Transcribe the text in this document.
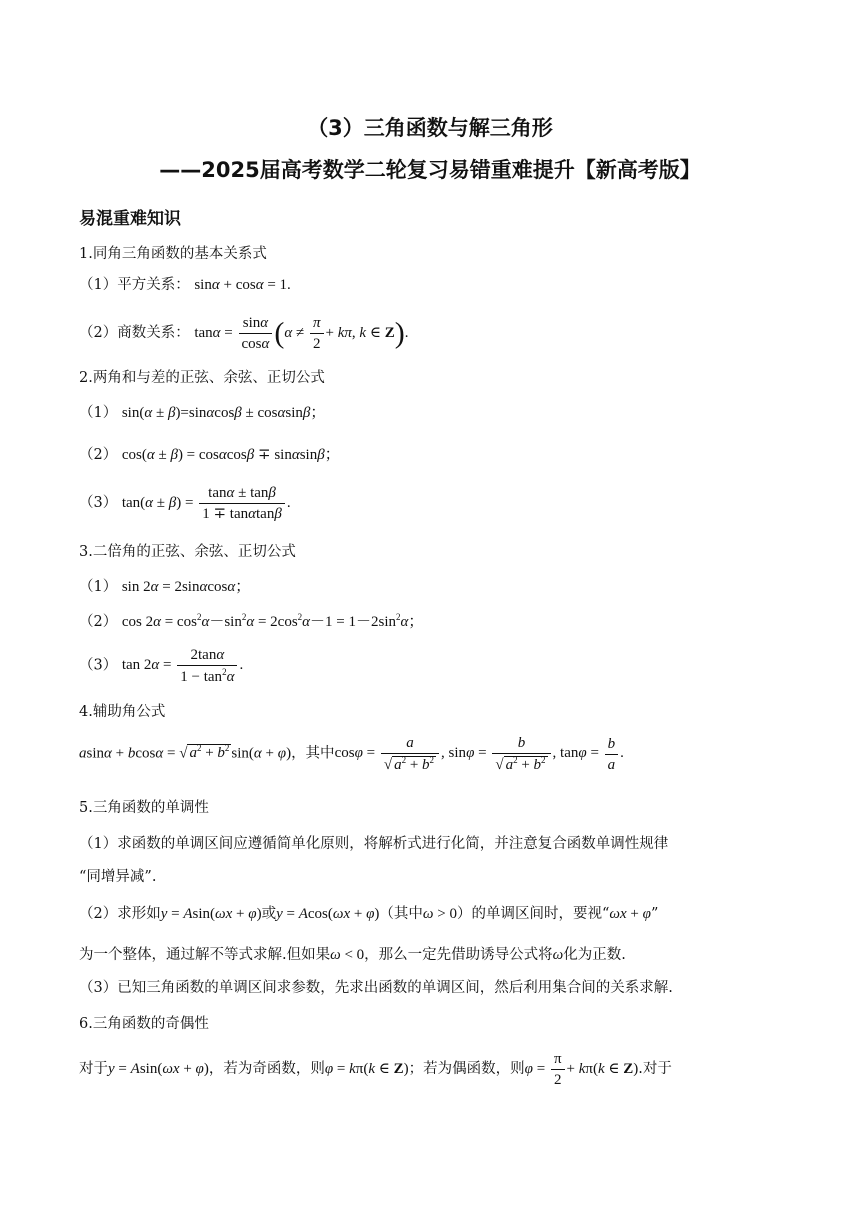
（3）三角函数与解三角形
——2025届高考数学二轮复习易错重难提升【新高考版】
易混重难知识
1.同角三角函数的基本关系式
（1）平方关系： sinα + cosα = 1.
（2）商数关系： $\tan\alpha = \frac{\sin\alpha}{\cos\alpha} (\alpha \ne \frac{\pi}{2} + k\pi$, k ∈ Z).
2.两角和与差的正弦、余弦、正切公式
（1） sin(α ± β)=sinαcosβ ± cosαsinβ；
（2） cos(α ± β) = cosαcosβ ∓ sinαsinβ；
（3） $\tan(\alpha \pm \beta) = \frac{\tan\alpha \pm \tan\beta}{1 \mp \tan\alpha\tan\beta}$ .
3.二倍角的正弦、余弦、正切公式
（1） sin 2α = 2sinαcosα；
（2） $\cos 2\alpha = \cos^2\alpha-\sin^2\alpha = 2\cos^2\alpha-1 = 1-2\sin^2\alpha$；
（3） $\tan 2\alpha = \frac{2\tan\alpha}{1 - \tan^2\alpha}$ .
4.辅助角公式
asinα + bcosα = √ $a^2 + b^2$ sin(α + φ)，其中$\cos\varphi = \frac{a}{√ a^2 + b^2}$ , $\sin\varphi = \frac{b}{√ a^2 + b^2}$ , $\tan\varphi = \frac{b}{a}$ .
5.三角函数的单调性
（1）求函数的单调区间应遵循简单化原则，将解析式进行化简，并注意复合函数单调性规律
“同增异减”.
（2）求形如y = Asin(ωx + φ)或y = Acos(ωx + φ)（其中ω > 0）的单调区间时，要视“ωx + φ”
为一个整体，通过解不等式求解.但如果ω < 0，那么一定先借助诱导公式将ω化为正数.
（3）已知三角函数的单调区间求参数，先求出函数的单调区间，然后利用集合间的关系求解.
6.三角函数的奇偶性
对于y = Asin(ωx + φ)，若为奇函数，则φ = kπ(k ∈ Z)；若为偶函数，则$\varphi = \frac{\pi}{2} + k\pi(k$ ∈ Z).对于
